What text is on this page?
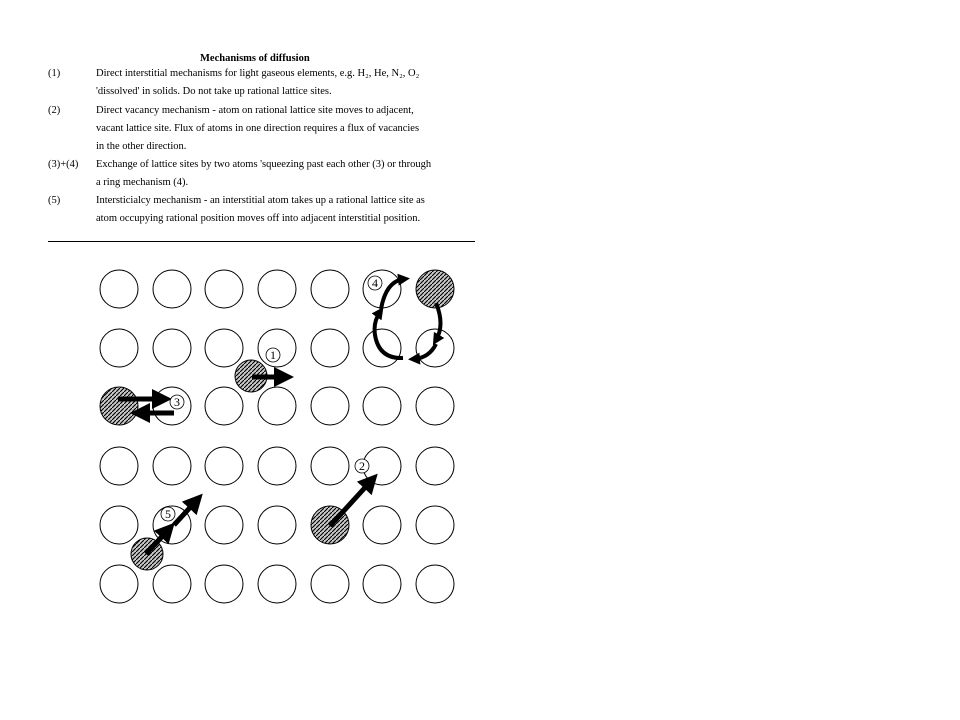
Mechanisms of diffusion
(1)	Direct interstitial mechanisms for light gaseous elements, e.g. H₂, He, N₂, O₂
'dissolved' in solids. Do not take up rational lattice sites.
(2)	Direct vacancy mechanism - atom on rational lattice site moves to adjacent,
vacant lattice site. Flux of atoms in one direction requires a flux of vacancies
in the other direction.
(3)+(4)	Exchange of lattice sites by two atoms 'squeezing past each other (3) or through
a ring mechanism (4).
(5)	Intersticialcy mechanism - an interstitial atom takes up a rational lattice site as
atom occupying rational position moves off into adjacent interstitial position.
1
2
3
4
5
